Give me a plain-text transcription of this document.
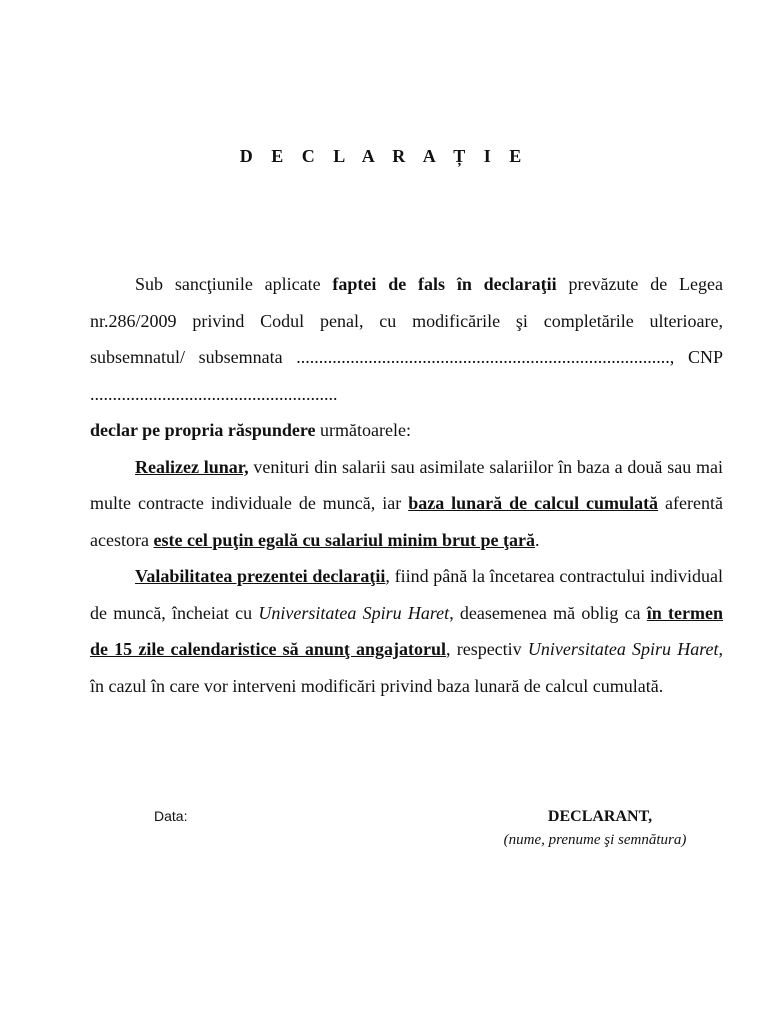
D E C L A R A Ț I E

Sub sancţiunile aplicate faptei de fals în declaraţii prevăzute de Legea nr.286/2009 privind Codul penal, cu modificările şi completările ulterioare, subsemnatul/ subsemnata ..................................................................................., CNP .......................................................

declar pe propria răspundere următoarele:

Realizez lunar, venituri din salarii sau asimilate salariilor în baza a două sau mai multe contracte individuale de muncă, iar baza lunară de calcul cumulată aferentă acestora este cel puţin egală cu salariul minim brut pe ţară.

Valabilitatea prezentei declaraţii, fiind până la încetarea contractului individual de muncă, încheiat cu Universitatea Spiru Haret, deasemenea mă oblig ca în termen de 15 zile calendaristice să anunţ angajatorul, respectiv Universitatea Spiru Haret, în cazul în care vor interveni modificări privind baza lunară de calcul cumulată.

Data:	DECLARANT,
(nume, prenume şi semnătura)
